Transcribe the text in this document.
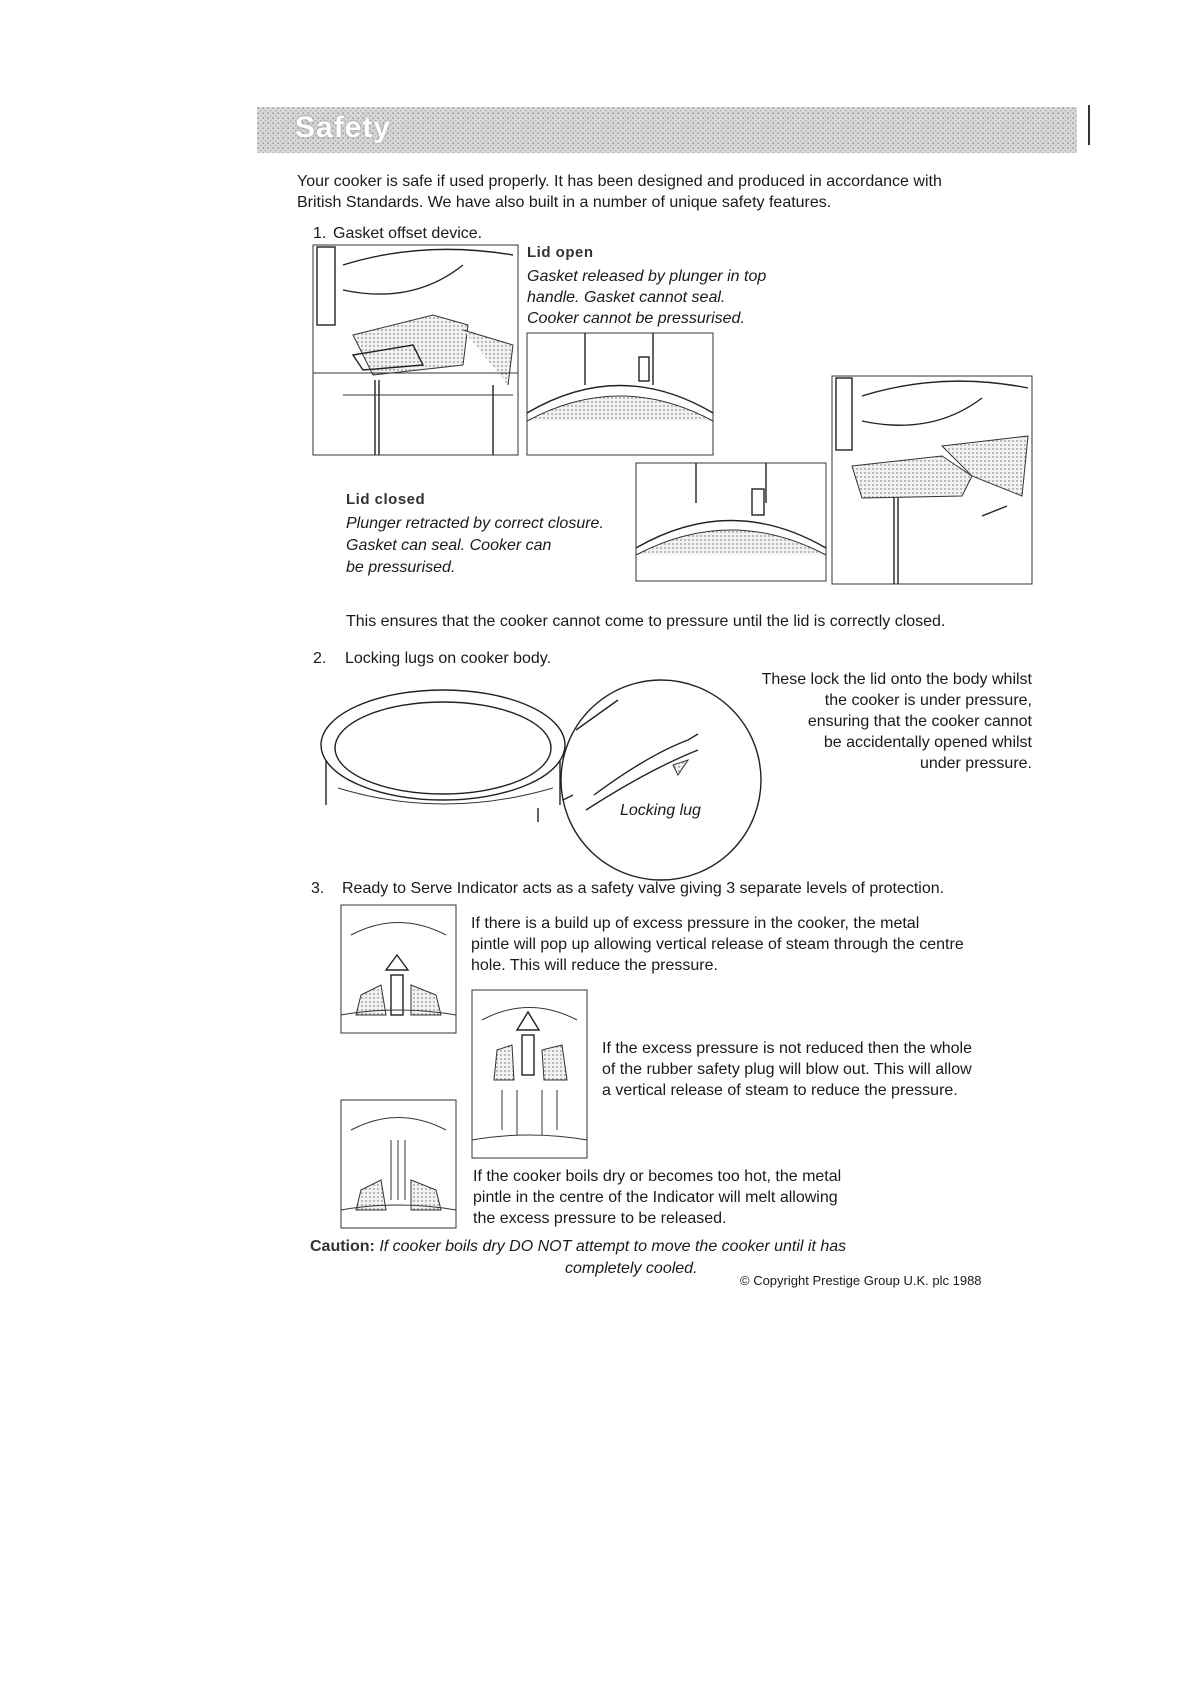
Safety
Your cooker is safe if used properly. It has been designed and produced in accordance with
British Standards. We have also built in a number of unique safety features.
1. Gasket offset device.
Lid open
Gasket released by plunger in top
handle. Gasket cannot seal.
Cooker cannot be pressurised.
Lid closed
Plunger retracted by correct closure.
Gasket can seal. Cooker can
be pressurised.
This ensures that the cooker cannot come to pressure until the lid is correctly closed.
2. Locking lugs on cooker body.
Locking lug
These lock the lid onto the body whilst
the cooker is under pressure,
ensuring that the cooker cannot
be accidentally opened whilst
under pressure.
3. Ready to Serve Indicator acts as a safety valve giving 3 separate levels of protection.
If there is a build up of excess pressure in the cooker, the metal
pintle will pop up allowing vertical release of steam through the centre
hole. This will reduce the pressure.
If the excess pressure is not reduced then the whole
of the rubber safety plug will blow out. This will allow
a vertical release of steam to reduce the pressure.
If the cooker boils dry or becomes too hot, the metal
pintle in the centre of the Indicator will melt allowing
the excess pressure to be released.
Caution: If cooker boils dry DO NOT attempt to move the cooker until it has
completely cooled.
© Copyright Prestige Group U.K. plc 1988
